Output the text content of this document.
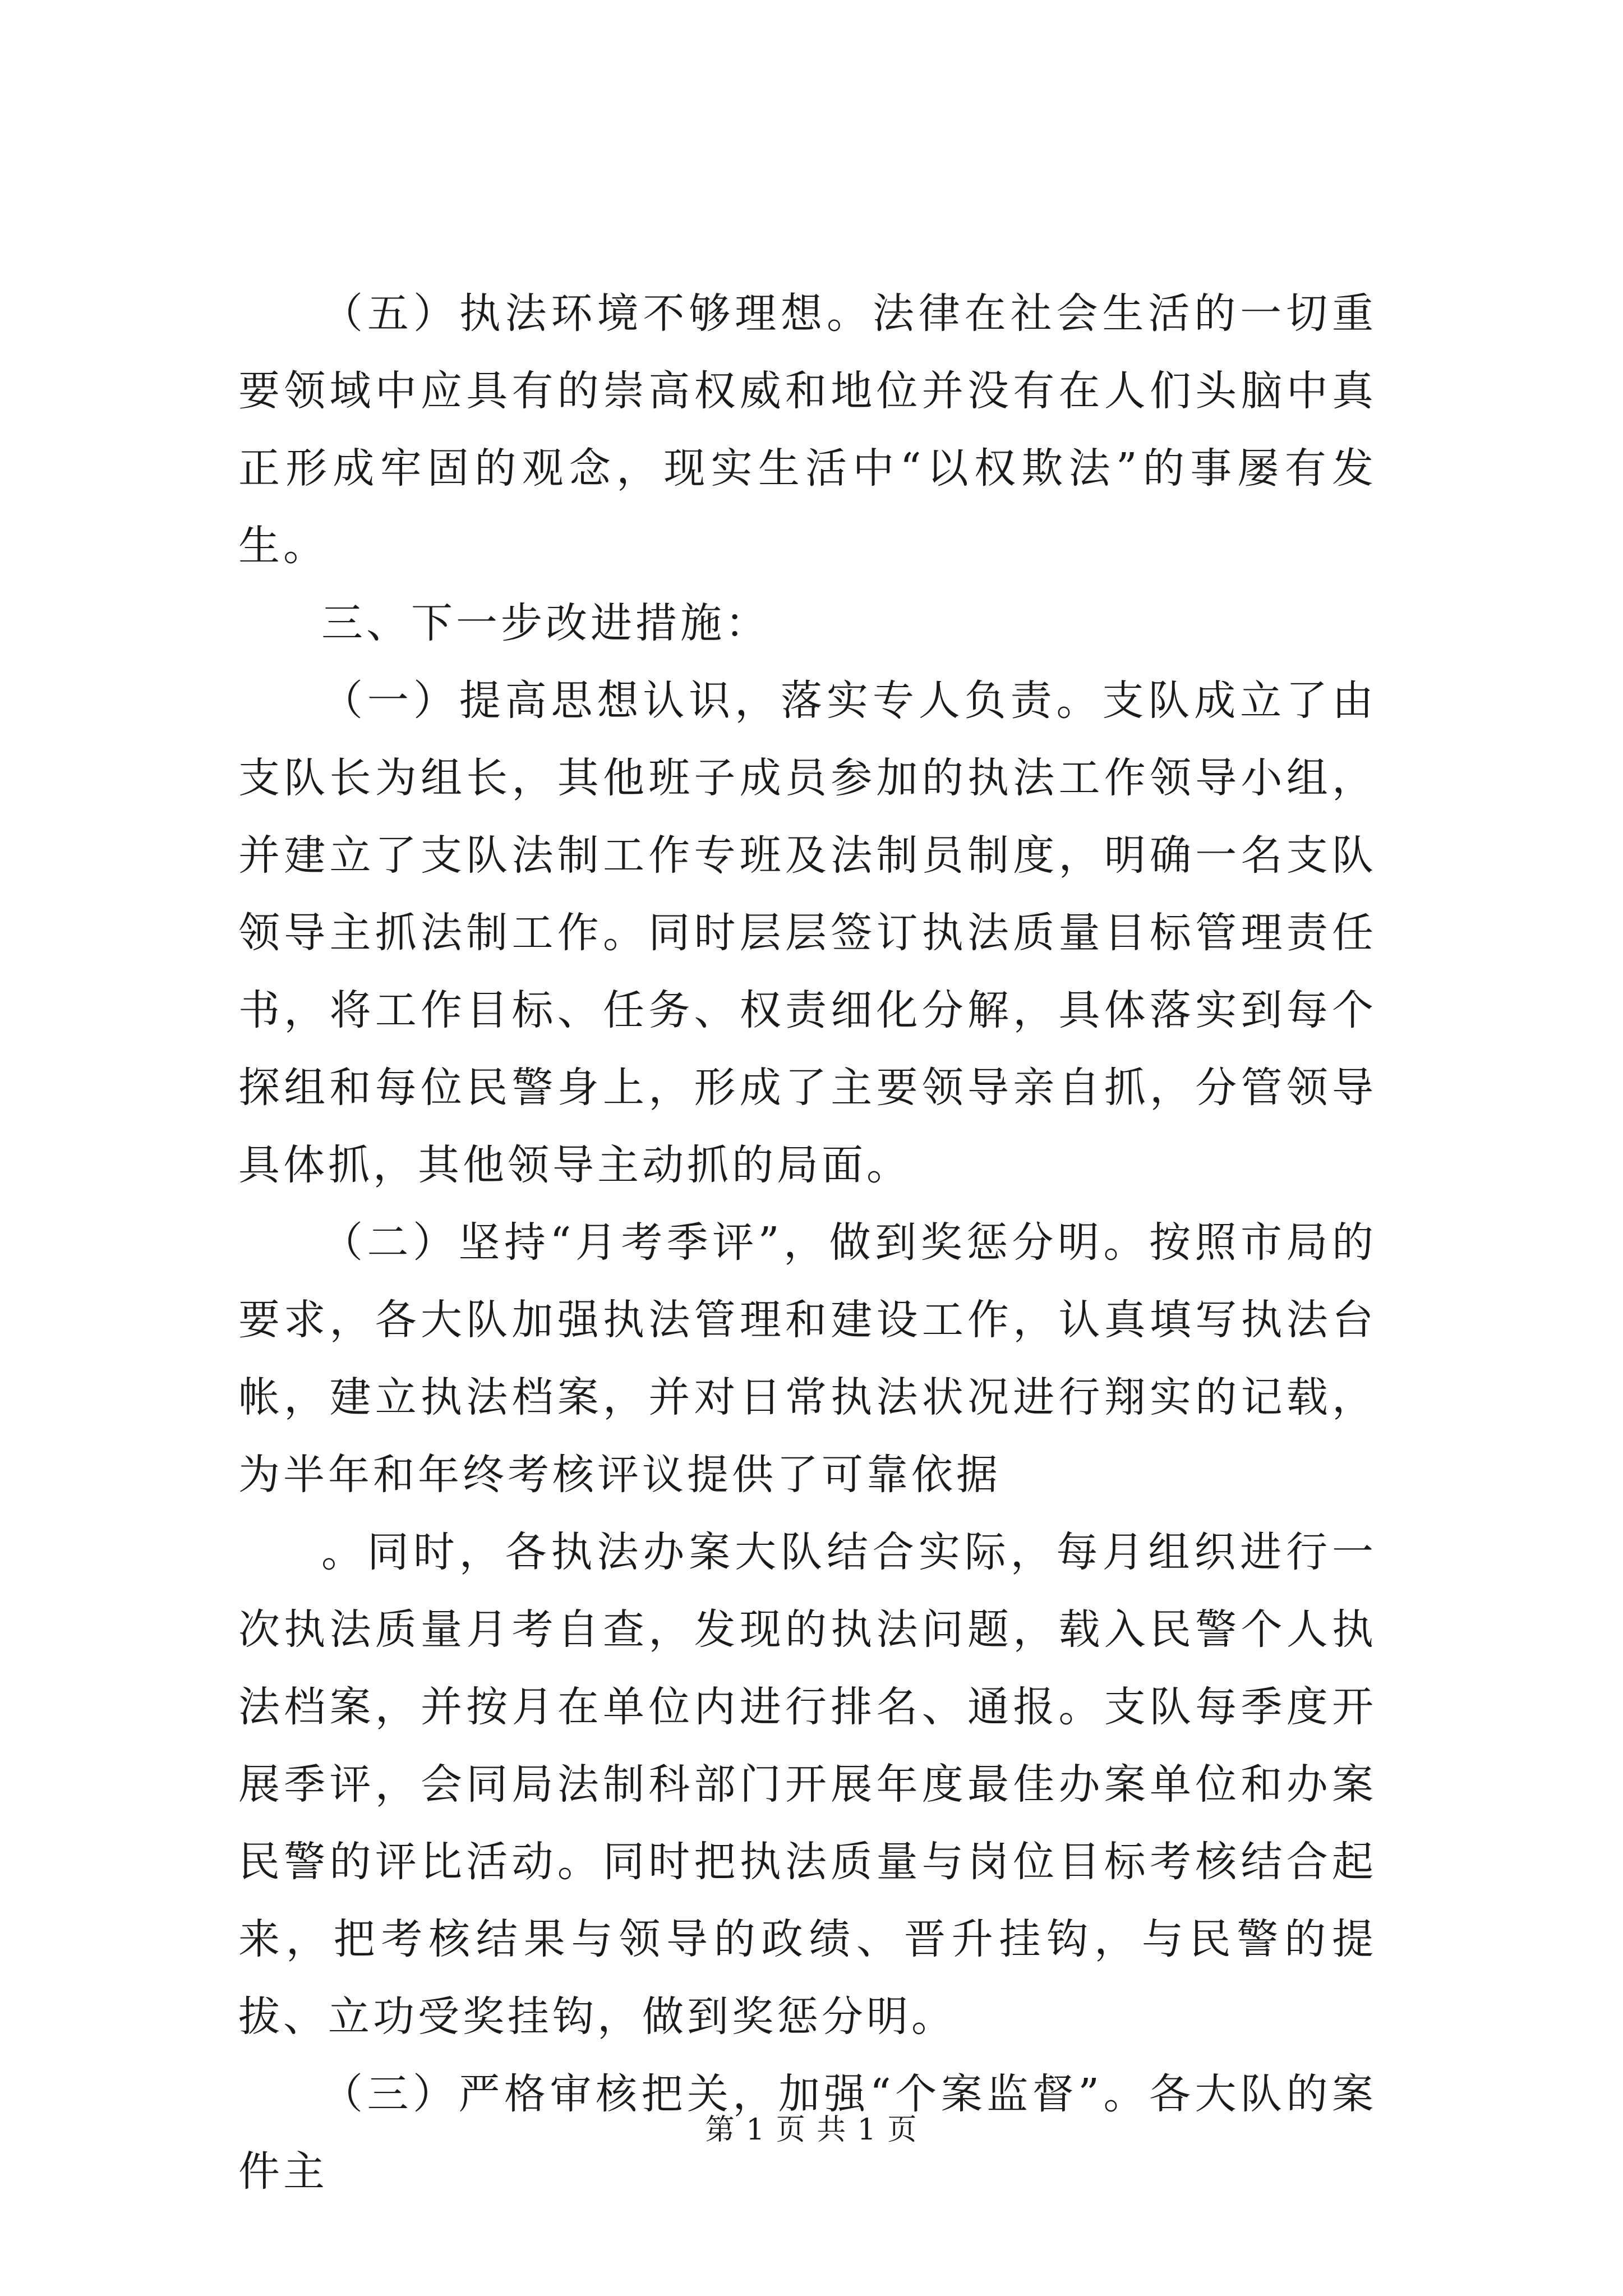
（五）执法环境不够理想。法律在社会生活的一切重要领域中应具有的崇高权威和地位并没有在人们头脑中真正形成牢固的观念，现实生活中“以权欺法”的事屡有发生。

三、下一步改进措施：

（一）提高思想认识，落实专人负责。支队成立了由支队长为组长，其他班子成员参加的执法工作领导小组，并建立了支队法制工作专班及法制员制度，明确一名支队领导主抓法制工作。同时层层签订执法质量目标管理责任书，将工作目标、任务、权责细化分解，具体落实到每个探组和每位民警身上，形成了主要领导亲自抓，分管领导具体抓，其他领导主动抓的局面。

（二）坚持“月考季评”，做到奖惩分明。按照市局的要求，各大队加强执法管理和建设工作，认真填写执法台帐，建立执法档案，并对日常执法状况进行翔实的记载，为半年和年终考核评议提供了可靠依据

。同时，各执法办案大队结合实际，每月组织进行一次执法质量月考自查，发现的执法问题，载入民警个人执法档案，并按月在单位内进行排名、通报。支队每季度开展季评，会同局法制科部门开展年度最佳办案单位和办案民警的评比活动。同时把执法质量与岗位目标考核结合起来，把考核结果与领导的政绩、晋升挂钩，与民警的提拔、立功受奖挂钩，做到奖惩分明。

（三）严格审核把关，加强“个案监督”。各大队的案件主

第 1 页 共 1 页
